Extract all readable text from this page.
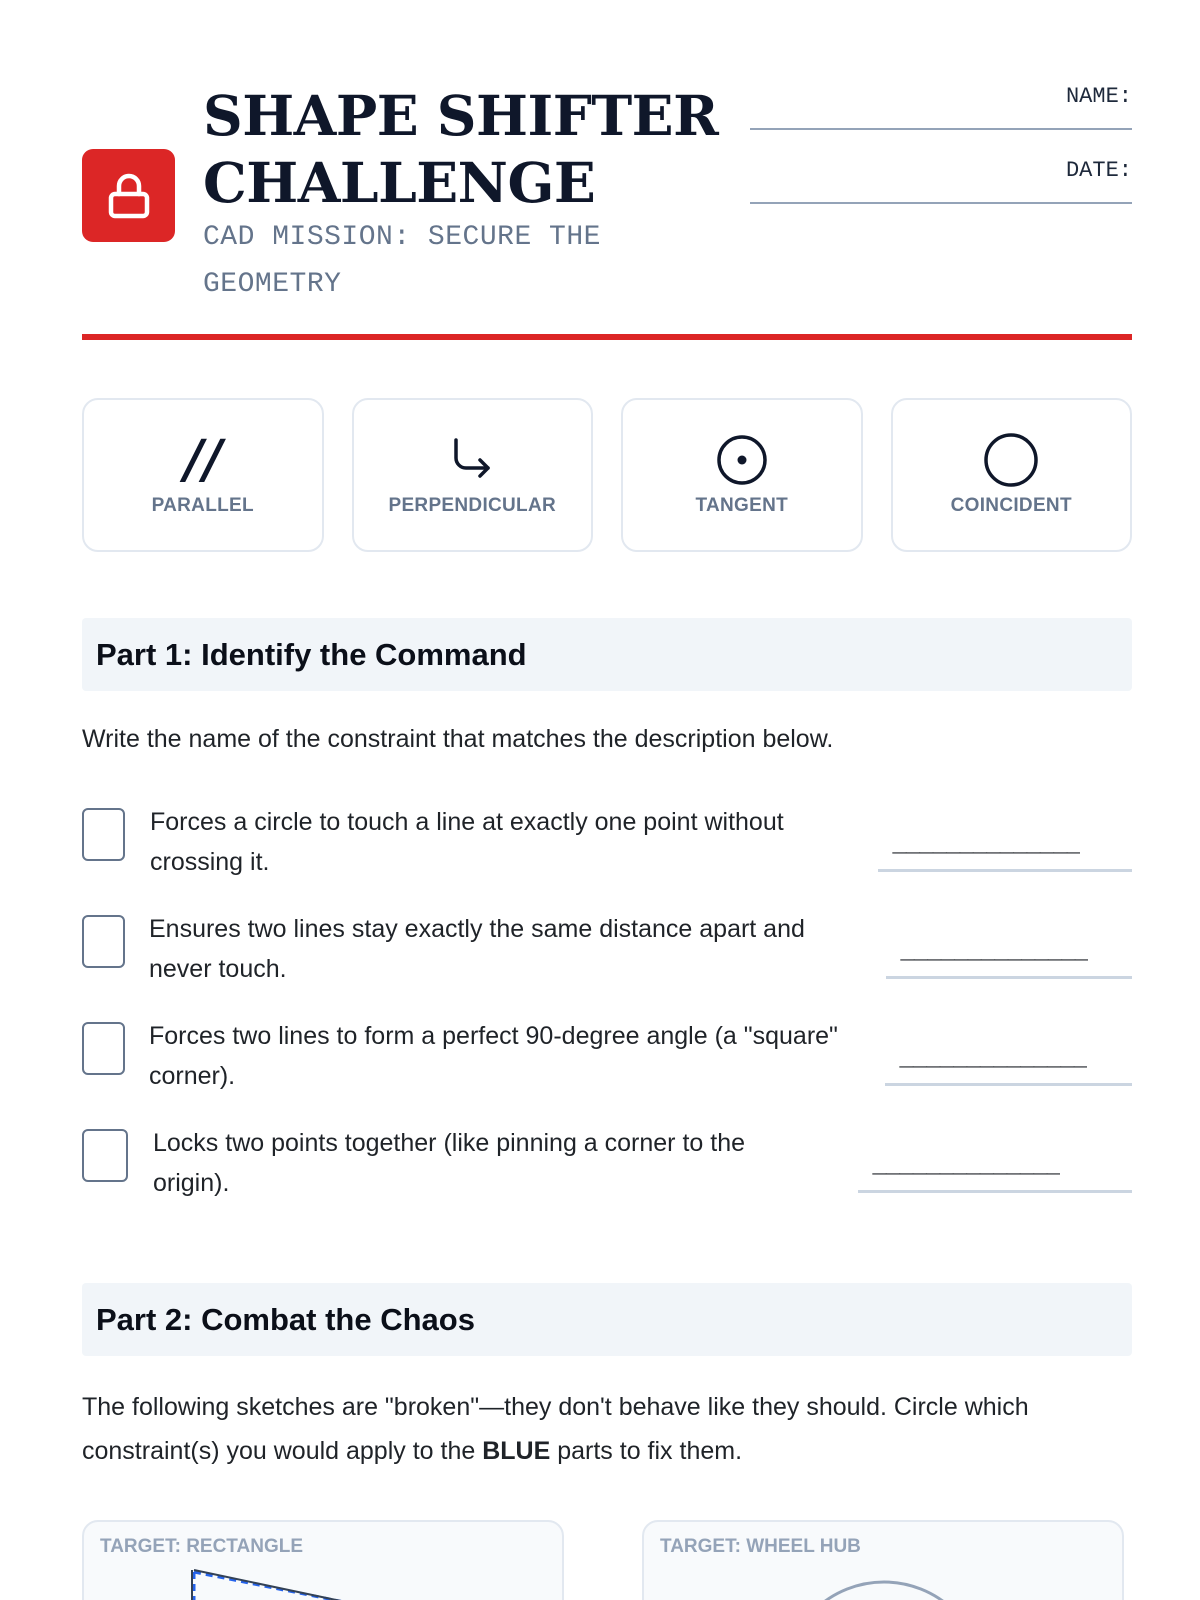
SHAPE SHIFTER CHALLENGE
CAD MISSION: SECURE THE GEOMETRY
NAME:
DATE:
//
PARALLEL	PERPENDICULAR	TANGENT	COINCIDENT
Part 1: Identify the Command
Write the name of the constraint that matches the description below.
Forces a circle to touch a line at exactly one point without crossing it.
______________
Ensures two lines stay exactly the same distance apart and never touch.
______________
Forces two lines to form a perfect 90-degree angle (a "square" corner).
______________
Locks two points together (like pinning a corner to the origin).
______________
Part 2: Combat the Chaos
The following sketches are "broken"—they don't behave like they should. Circle which constraint(s) you would apply to the BLUE parts to fix them.
TARGET: RECTANGLE	TARGET: WHEEL HUB
